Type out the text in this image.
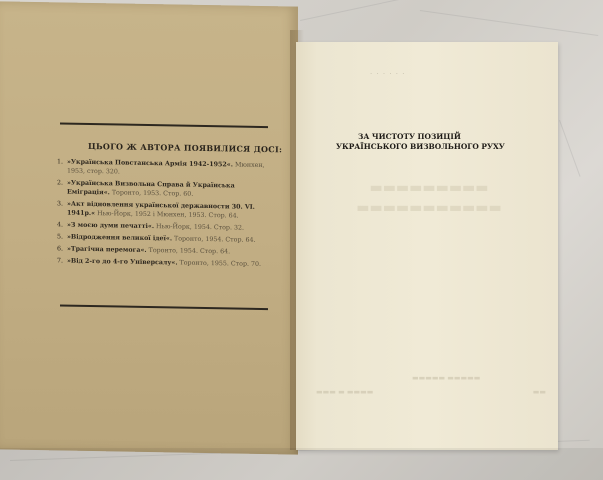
ЦЬОГО Ж АВТОРА ПОЯВИЛИСЯ ДОСІ:
1. »Українська Повстанська Армія 1942-1952«. Мюнхен, 1953, стор. 320.
2. »Українська Визвольна Справа й Українська Еміграція«. Торонто, 1953. Стор. 60.
3. »Акт відновлення української державности 30. VI. 1941р.« Нью-Йорк, 1952 і Мюнхен, 1953. Стор. 64.
4. »З моєю думи печатті«. Нью-Йорк, 1954. Стор. 32.
5. »Відродження великої ідеї«. Торонто, 1954. Стор. 64.
6. »Трагічна перемога«. Торонто, 1954. Стор. 64.
7. »Від 2-го до 4-го Універсалу«. Торонто, 1955. Стор. 70.
· · · · · ·
ЗА ЧИСТОТУ ПОЗИЦІЙ
УКРАЇНСЬКОГО ВИЗВОЛЬНОГО РУХУ
▬▬▬▬▬▬▬▬▬
▬▬▬▬▬▬▬▬▬▬▬
▬▬▬ ▬ ▬▬▬▬
▬▬▬▬▬ ▬▬▬▬▬
▬▬
